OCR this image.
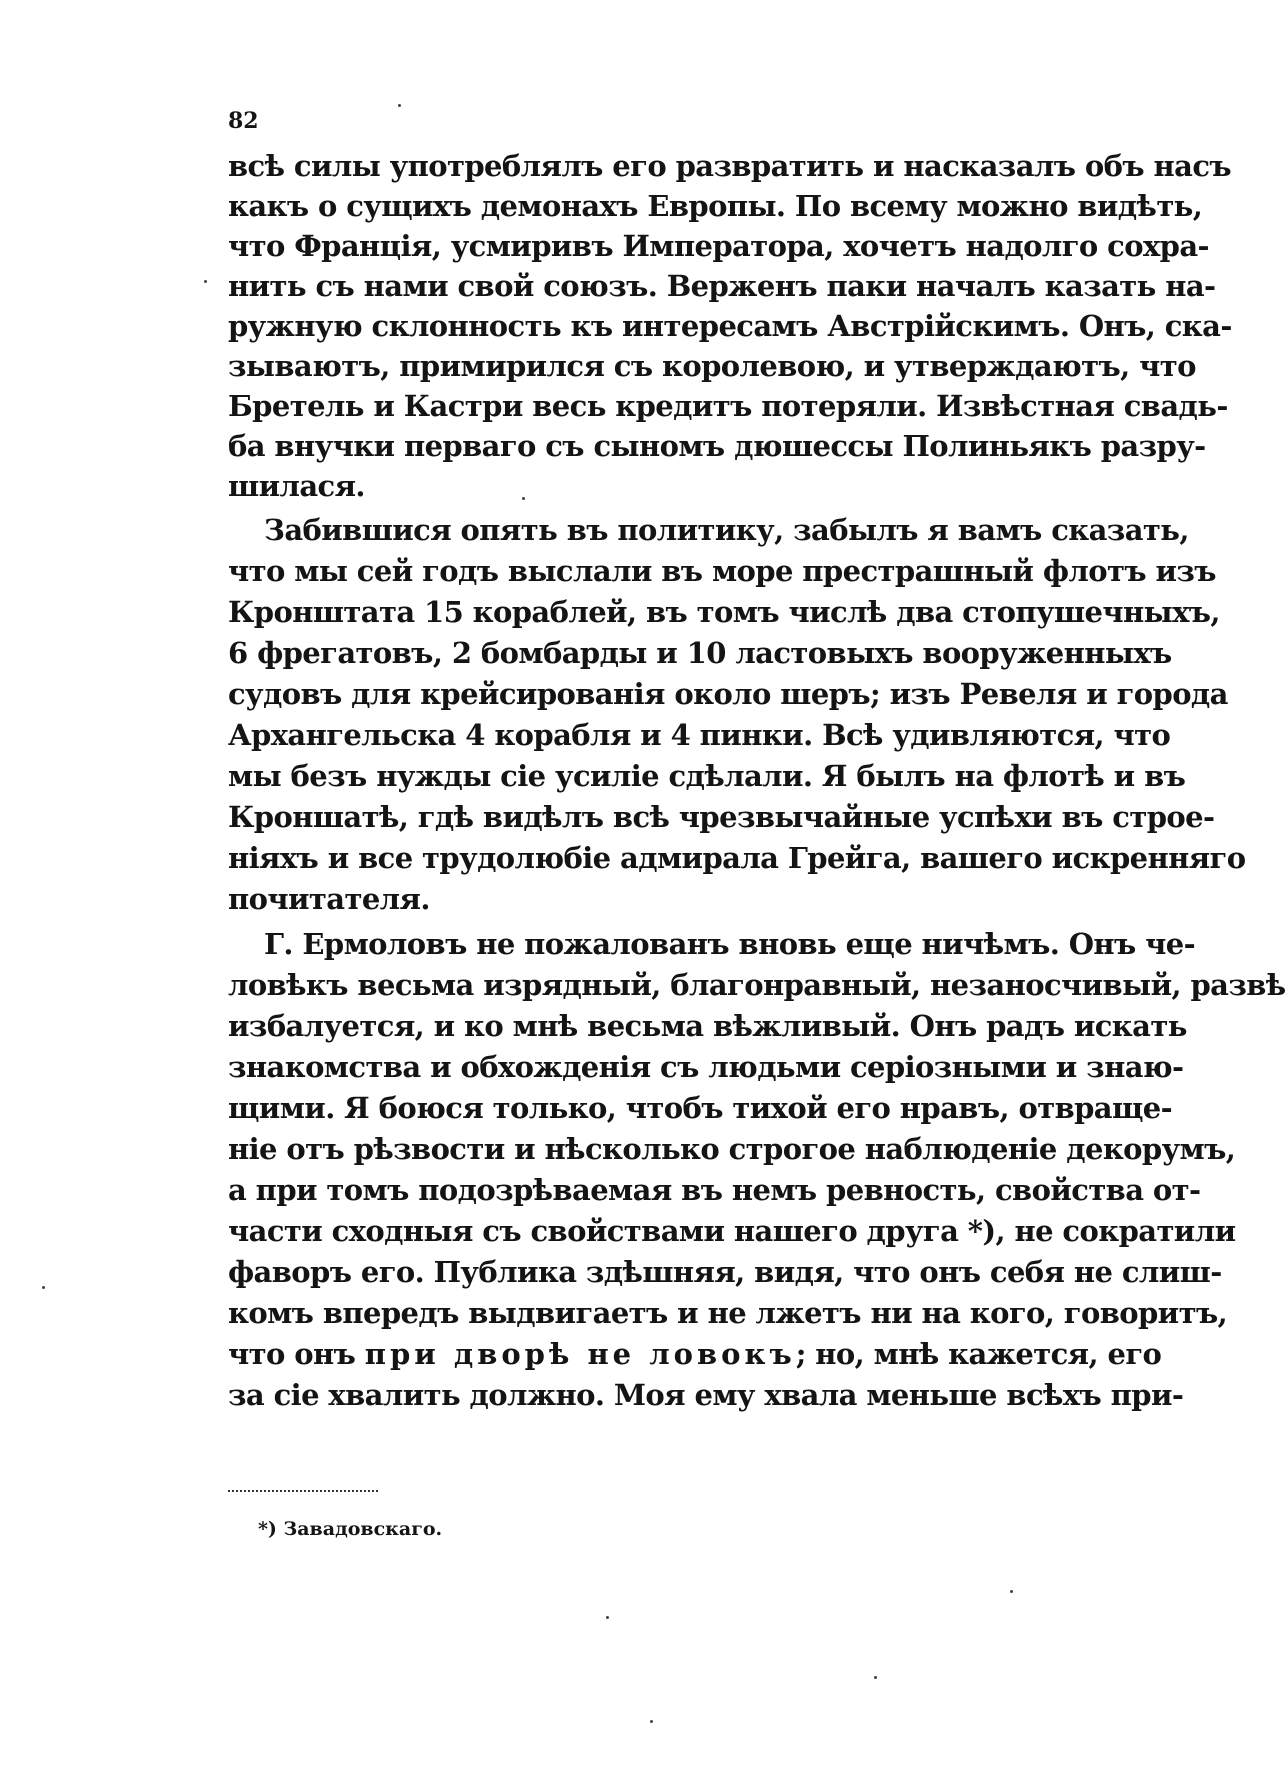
82
всѣ силы употреблялъ его развратить и насказалъ объ насъ
какъ о сущихъ демонахъ Европы. По всему можно видѣть,
что Франція, усмиривъ Императора, хочетъ надолго сохра-
нить съ нами свой союзъ. Верженъ паки началъ казать на-
ружную склонность къ интересамъ Австрійскимъ. Онъ, ска-
зываютъ, примирился съ королевою, и утверждаютъ, что
Бретель и Кастри весь кредитъ потеряли. Извѣстная свадь-
ба внучки перваго съ сыномъ дюшессы Полиньякъ разру-
шилася.
Забившися опять въ политику, забылъ я вамъ сказать,
что мы сей годъ выслали въ море престрашный флотъ изъ
Кронштата 15 кораблей, въ томъ числѣ два стопушечныхъ,
6 фрегатовъ, 2 бомбарды и 10 ластовыхъ вооруженныхъ
судовъ для крейсированія около шеръ; изъ Ревеля и города
Архангельска 4 корабля и 4 пинки. Всѣ удивляются, что
мы безъ нужды сіе усиліе сдѣлали. Я былъ на флотѣ и въ
Кроншатѣ, гдѣ видѣлъ всѣ чрезвычайные успѣхи въ строе-
ніяхъ и все трудолюбіе адмирала Грейга, вашего искренняго
почитателя.
Г. Ермоловъ не пожалованъ вновь еще ничѣмъ. Онъ че-
ловѣкъ весьма изрядный, благонравный, незаносчивый, развѣ
избалуется, и ко мнѣ весьма вѣжливый. Онъ радъ искать
знакомства и обхожденія съ людьми серіозными и знаю-
щими. Я боюся только, чтобъ тихой его нравъ, отвраще-
ніе отъ рѣзвости и нѣсколько строгое наблюденіе декорумъ,
а при томъ подозрѣваемая въ немъ ревность, свойства от-
части сходныя съ свойствами нашего друга *), не сократили
фаворъ его. Публика здѣшняя, видя, что онъ себя не слиш-
комъ впередъ выдвигаетъ и не лжетъ ни на кого, говоритъ,
что онъ при дворѣ не ловокъ; но, мнѣ кажется, его
за сіе хвалить должно. Моя ему хвала меньше всѣхъ при-
*) Завадовскаго.
